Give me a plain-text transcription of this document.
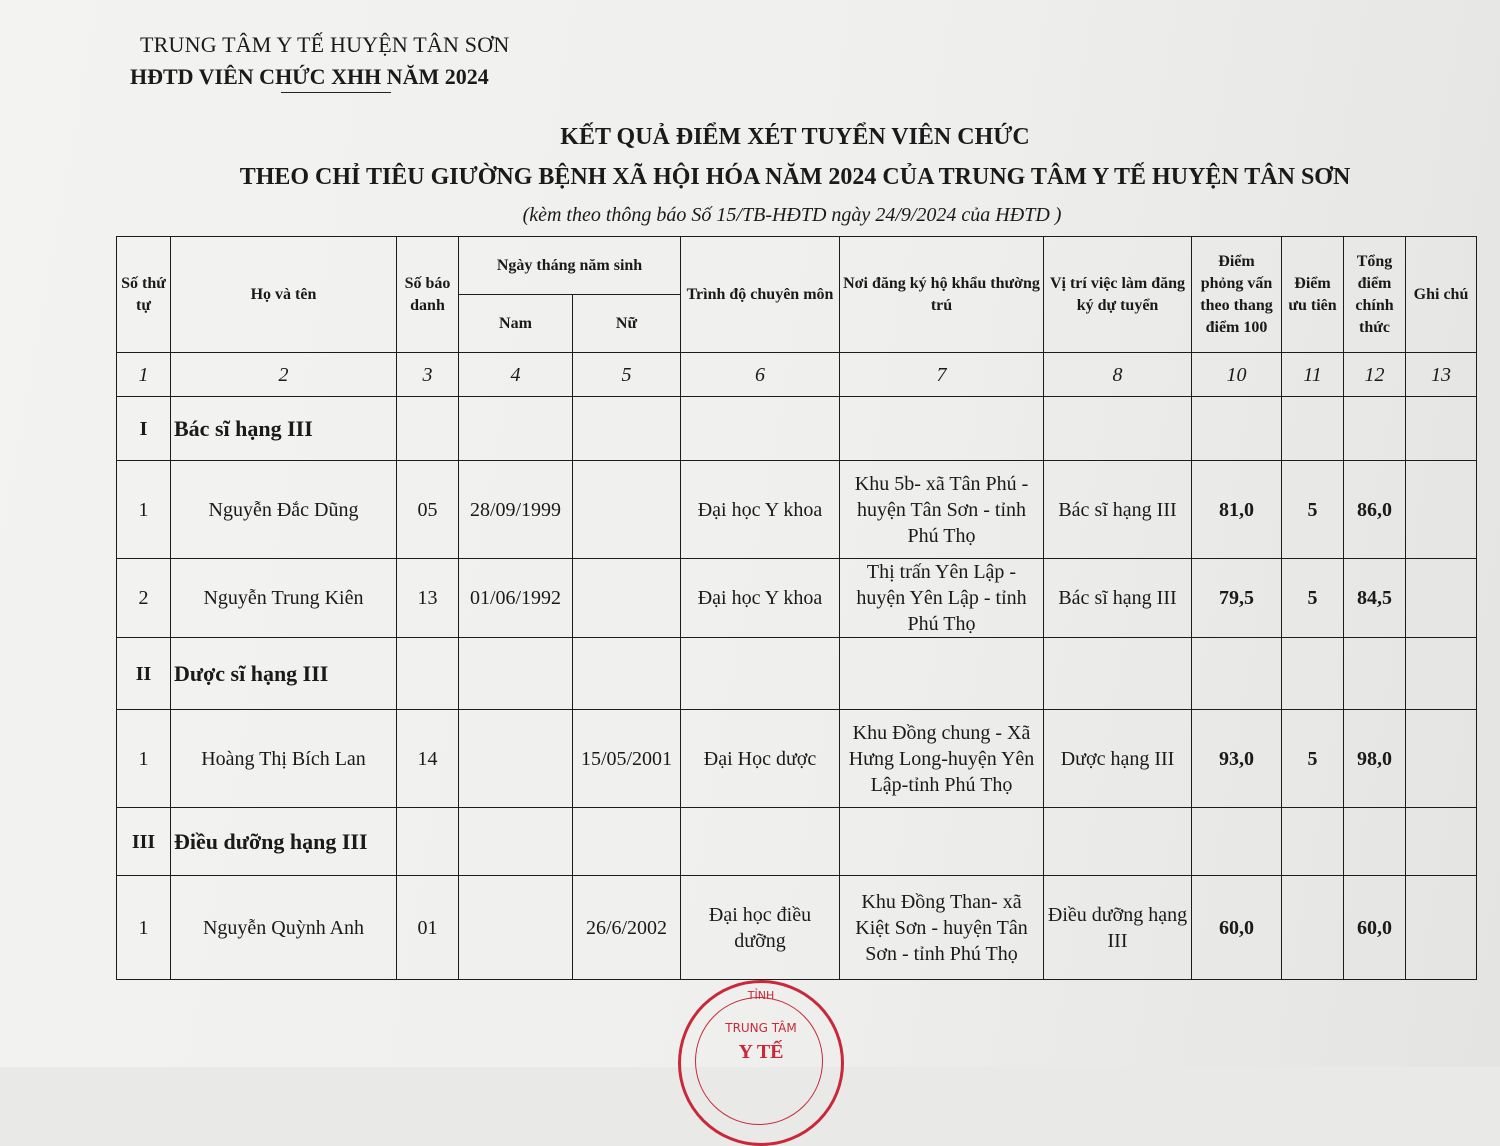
TRUNG TÂM Y TẾ HUYỆN TÂN SƠN
HĐTD VIÊN CHỨC XHH NĂM 2024
KẾT QUẢ ĐIỂM XÉT TUYỂN VIÊN CHỨC
THEO CHỈ TIÊU GIƯỜNG BỆNH XÃ HỘI HÓA NĂM 2024 CỦA TRUNG TÂM Y TẾ HUYỆN TÂN SƠN
(kèm theo thông báo Số 15/TB-HĐTD ngày 24/9/2024 của HĐTD )
Số thứ tự	Họ và tên	Số báo danh	Ngày tháng năm sinh		Trình độ chuyên môn	Nơi đăng ký hộ khẩu thường trú	Vị trí việc làm đăng ký dự tuyển	Điểm phỏng vấn theo thang điểm 100	Điểm ưu tiên	Tổng điểm chính thức	Ghi chú
			Nam	Nữ							
1	2	3	4	5	6	7	8	10	11	12	13
I	Bác sĩ hạng III										
1	Nguyễn Đắc Dũng	05	28/09/1999		Đại học Y khoa	Khu 5b- xã Tân Phú - huyện Tân Sơn - tỉnh Phú Thọ	Bác sĩ hạng III	81,0	5	86,0	
2	Nguyễn Trung Kiên	13	01/06/1992		Đại học Y khoa	Thị trấn Yên Lập - huyện Yên Lập - tỉnh Phú Thọ	Bác sĩ hạng III	79,5	5	84,5	
II	Dược sĩ hạng III										
1	Hoàng Thị Bích Lan	14		15/05/2001	Đại Học dược	Khu Đồng chung - Xã Hưng Long-huyện Yên Lập-tỉnh Phú Thọ	Dược hạng III	93,0	5	98,0	
III	Điều dưỡng hạng III										
1	Nguyễn Quỳnh Anh	01		26/6/2002	Đại học điều dưỡng	Khu Đồng Than- xã Kiệt Sơn - huyện Tân Sơn - tỉnh Phú Thọ	Điều dưỡng hạng III	60,0		60,0	
TỈNH
TRUNG TÂM
Y TẾ
